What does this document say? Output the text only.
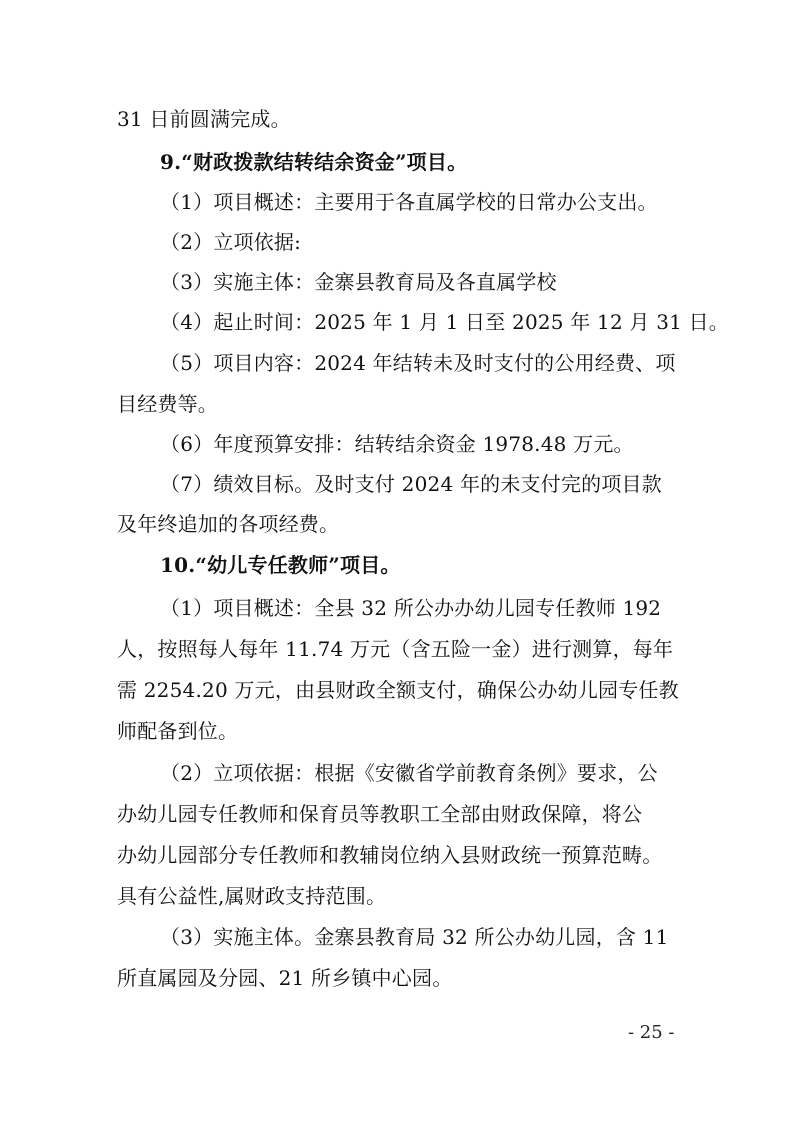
31 日前圆满完成。
9.“财政拨款结转结余资金”项目。
（1）项目概述：主要用于各直属学校的日常办公支出。
（2）立项依据:
（3）实施主体：金寨县教育局及各直属学校
（4）起止时间：2025 年 1 月 1 日至 2025 年 12 月 31 日。
（5）项目内容：2024 年结转未及时支付的公用经费、项
目经费等。
（6）年度预算安排：结转结余资金 1978.48 万元。
（7）绩效目标。及时支付 2024 年的未支付完的项目款
及年终追加的各项经费。
10.“幼儿专任教师”项目。
（1）项目概述：全县 32 所公办办幼儿园专任教师 192
人，按照每人每年 11.74 万元（含五险一金）进行测算，每年
需 2254.20 万元，由县财政全额支付，确保公办幼儿园专任教
师配备到位。
（2）立项依据：根据《安徽省学前教育条例》要求，公
办幼儿园专任教师和保育员等教职工全部由财政保障，将公
办幼儿园部分专任教师和教辅岗位纳入县财政统一预算范畴。
具有公益性,属财政支持范围。
（3）实施主体。金寨县教育局 32 所公办幼儿园，含 11
所直属园及分园、21 所乡镇中心园。
- 25 -
